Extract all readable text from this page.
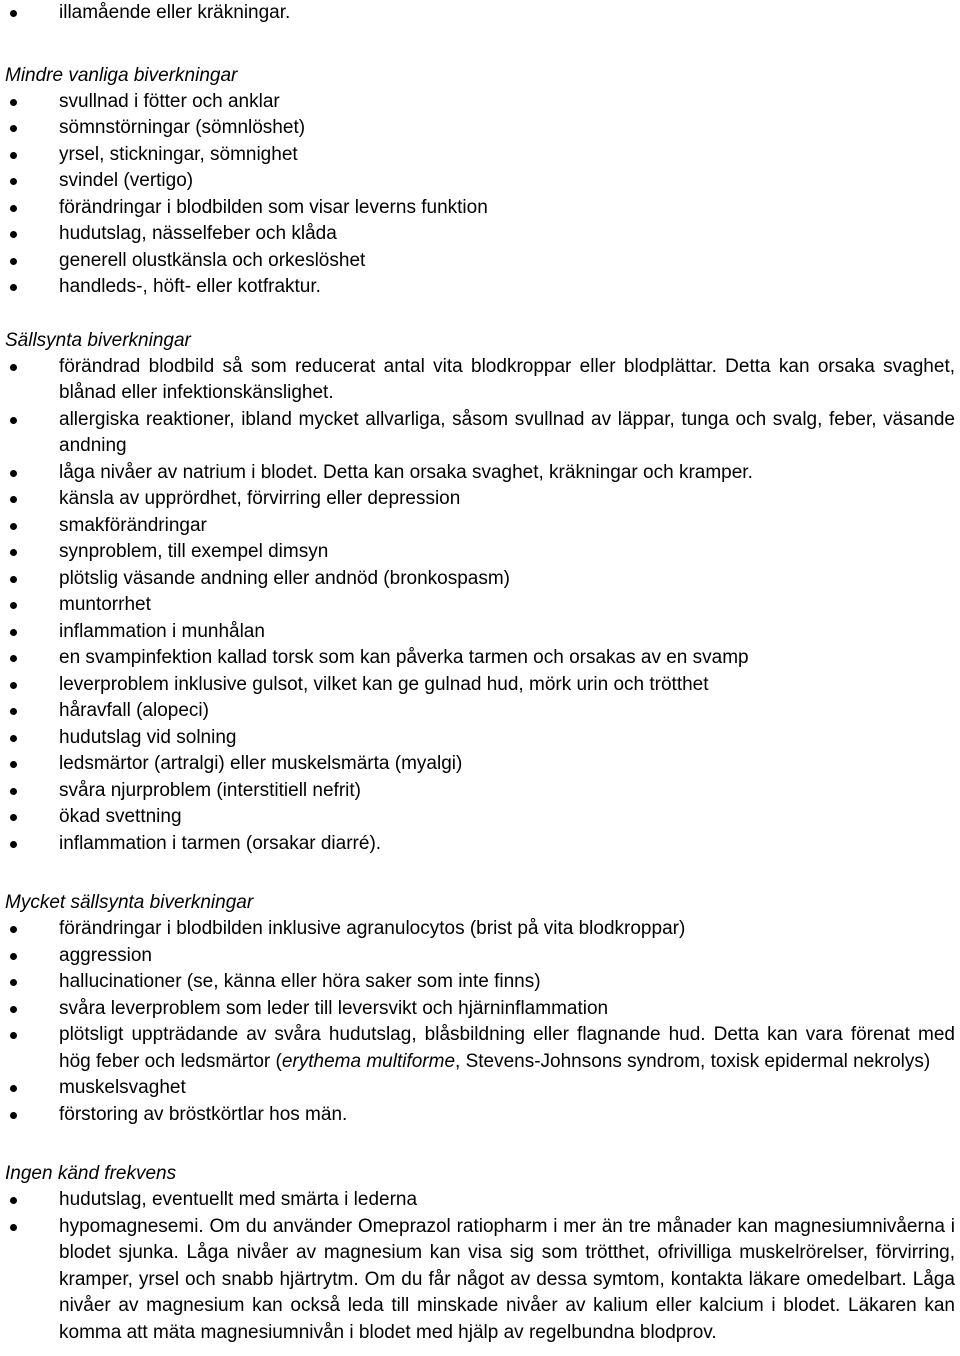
illamående eller kräkningar.
Mindre vanliga biverkningar
svullnad i fötter och anklar
sömnstörningar (sömnlöshet)
yrsel, stickningar, sömnighet
svindel (vertigo)
förändringar i blodbilden som visar leverns funktion
hudutslag, nässelfeber och klåda
generell olustkänsla och orkeslöshet
handleds-, höft- eller kotfraktur.
Sällsynta biverkningar
förändrad blodbild så som reducerat antal vita blodkroppar eller blodplättar. Detta kan orsaka svaghet, blånad eller infektionskänslighet.
allergiska reaktioner, ibland mycket allvarliga, såsom svullnad av läppar, tunga och svalg, feber, väsande andning
låga nivåer av natrium i blodet. Detta kan orsaka svaghet, kräkningar och kramper.
känsla av upprördhet, förvirring eller depression
smakförändringar
synproblem, till exempel dimsyn
plötslig väsande andning eller andnöd (bronkospasm)
muntorrhet
inflammation i munhålan
en svampinfektion kallad torsk som kan påverka tarmen och orsakas av en svamp
leverproblem inklusive gulsot, vilket kan ge gulnad hud, mörk urin och trötthet
håravfall (alopeci)
hudutslag vid solning
ledsmärtor (artralgi) eller muskelsmärta (myalgi)
svåra njurproblem (interstitiell nefrit)
ökad svettning
inflammation i tarmen (orsakar diarré).
Mycket sällsynta biverkningar
förändringar i blodbilden inklusive agranulocytos (brist på vita blodkroppar)
aggression
hallucinationer (se, känna eller höra saker som inte finns)
svåra leverproblem som leder till leversvikt och hjärninflammation
plötsligt uppträdande av svåra hudutslag, blåsbildning eller flagnande hud. Detta kan vara förenat med hög feber och ledsmärtor (erythema multiforme, Stevens-Johnsons syndrom, toxisk epidermal nekrolys)
muskelsvaghet
förstoring av bröstkörtlar hos män.
Ingen känd frekvens
hudutslag, eventuellt med smärta i lederna
hypomagnesemi. Om du använder Omeprazol ratiopharm i mer än tre månader kan magnesiumnivåerna i blodet sjunka. Låga nivåer av magnesium kan visa sig som trötthet, ofrivilliga muskelrörelser, förvirring, kramper, yrsel och snabb hjärtrytm. Om du får något av dessa symtom, kontakta läkare omedelbart. Låga nivåer av magnesium kan också leda till minskade nivåer av kalium eller kalcium i blodet. Läkaren kan komma att mäta magnesiumnivån i blodet med hjälp av regelbundna blodprov.
